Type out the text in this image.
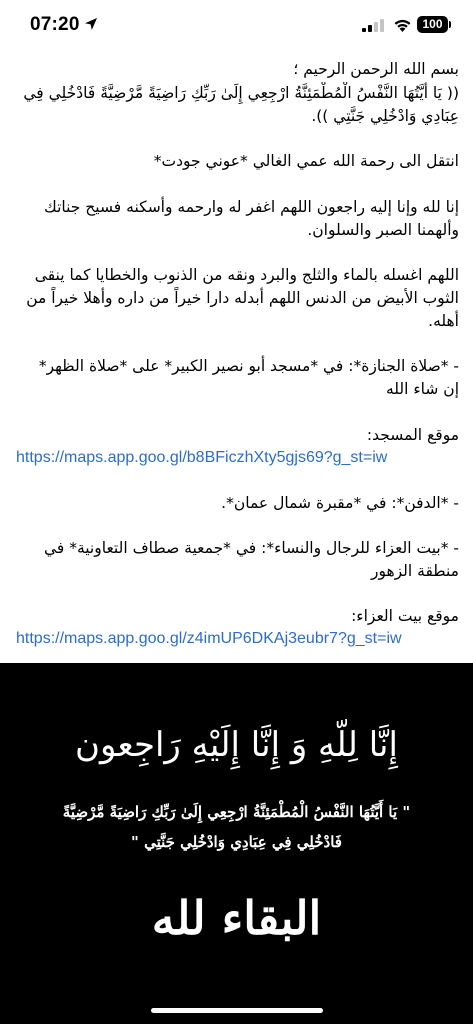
07:20	100
بسم الله الرحمن الرحيم ؛
(( يَا أَيَّتُهَا النَّفْسُ الْمُطْمَئِنَّةُ ارْجِعِي إِلَىٰ رَبِّكِ رَاضِيَةً مَّرْضِيَّةً فَادْخُلِي فِي
عِبَادِي وَادْخُلِي جَنَّتِي )).
انتقل الى رحمة الله عمي الغالي *عوني جودت*
إنا لله وإنا إليه راجعون اللهم اغفر له وارحمه وأسكنه فسيح جناتك
وألهمنا الصبر والسلوان.
اللهم اغسله بالماء والثلج والبرد ونقه من الذنوب والخطايا كما ينقى
الثوب الأبيض من الدنس اللهم أبدله دارا خيراً من داره وأهلا خيراً من
أهله.
- *صلاة الجنازة*: في *مسجد أبو نصير الكبير* على *صلاة الظهر*
إن شاء الله
موقع المسجد:
https://maps.app.goo.gl/b8BFiczhXty5gjs69?g_st=iw
- *الدفن*: في *مقبرة شمال عمان*.
- *بيت العزاء للرجال والنساء*: في *جمعية صطاف التعاونية* في
منطقة الزهور
موقع بيت العزاء:
https://maps.app.goo.gl/z4imUP6DKAj3eubr7?g_st=iw
إِنَّا لِلّهِ وَ إِنَّا إِلَيْهِ رَاجِعون
" يَا أَيَّتُهَا النَّفْسُ الْمُطْمَئِنَّةُ ارْجِعِي إِلَىٰ رَبِّكِ رَاضِيَةً مَّرْضِيَّةً
فَادْخُلِي فِي عِبَادِي وَادْخُلِي جَنَّتِي "
البقاء لله
